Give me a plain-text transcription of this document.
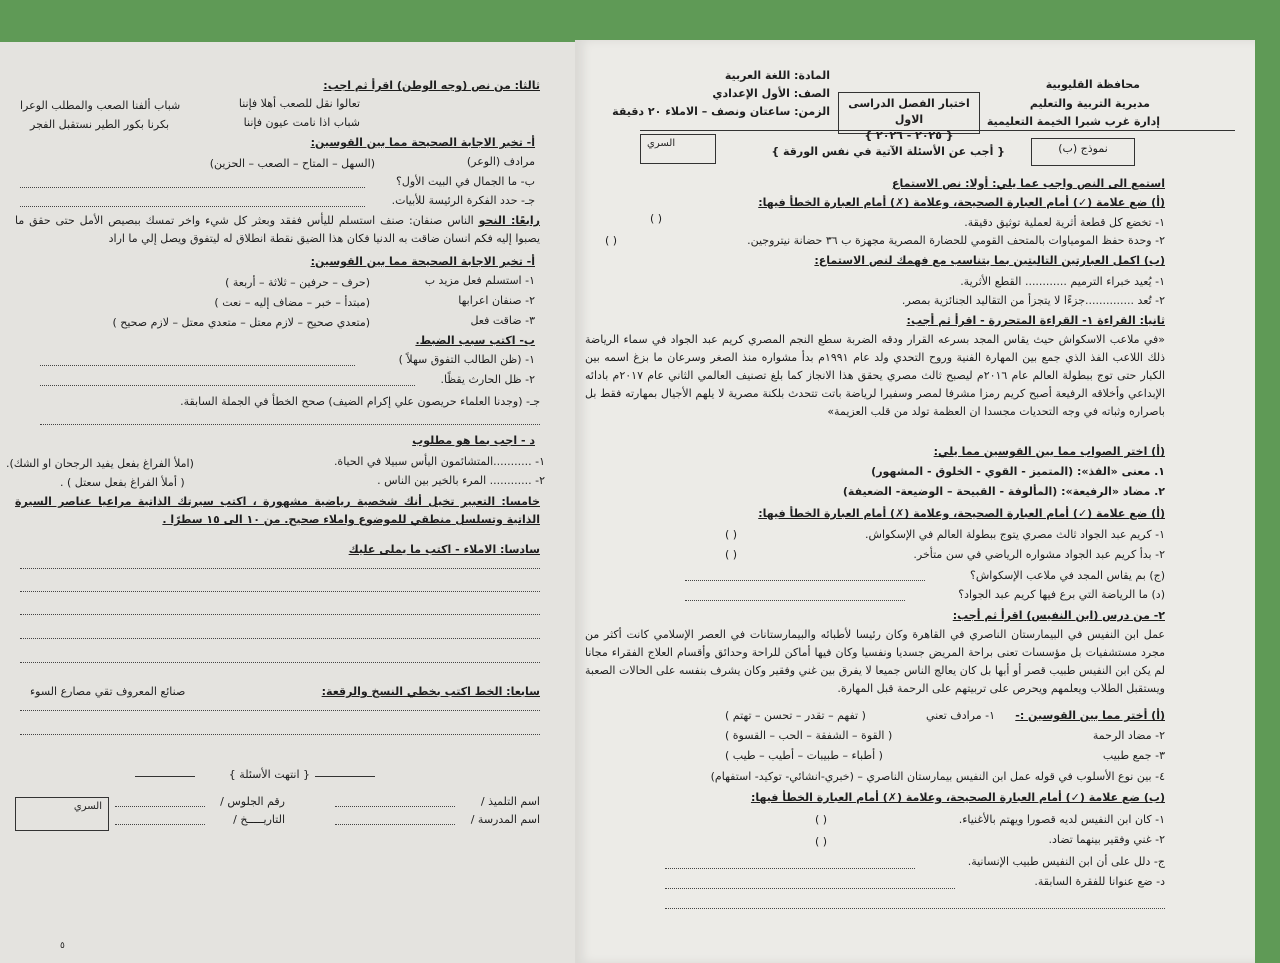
ثالثا: من نص (وجه الوطن) اقرأ ثم اجب:
تعالوا نقل للصعب أهلا فإننا
شباب ألفنا الصعب والمطلب الوعرا
شباب اذا نامت عيون فإننا
بكرنا بكور الطير نستقبل الفجر
أ- تخير الاجابة الصحيحة مما بين القوسين:
مرادف (الوعر)
(السهل – المتاح – الصعب – الحزين)
ب- ما الجمال في البيت الأول؟
جـ- حدد الفكرة الرئيسة للأبيات.
رابعًا: النحو الناس صنفان: صنف استسلم لليأس ففقد وبعثر كل شيء واخر تمسك ببصيص الأمل حتى حقق ما يصبوا إليه فكم انسان ضاقت به الدنيا فكان هذا الضيق نقطة انطلاق له ليتفوق ويصل إلي ما اراد
أ- تخير الاجابة الصحيحة مما بين القوسين:
١- استسلم فعل مزيد ب
(حرف – حرفين – ثلاثة – أربعة )
٢- صنفان اعرابها
(مبتدأ – خبر – مضاف إليه – نعت )
٣- ضاقت فعل
(متعدي صحيح – لازم معتل – متعدي معتل – لازم صحيح )
ب- اكتب سبب الضبط.
١- (ظن الطالب التفوق سهلاً )
٢- ظل الحارث يقظًا.
جـ- (وجدنا العلماء حريصون علي إكرام الضيف) صحح الخطأ في الجملة السابقة.
د - اجب بما هو مطلوب
١- ...........المتشائمون اليأس سبيلا في الحياة.
(املأ الفراغ بفعل يفيد الرجحان او الشك).
٢- ............ المرء بالخير بين الناس .
( أملأ الفراغ بفعل سعتل ) .
خامسا: التعبير تخيل أنك شخصية رياضية مشهورة ، اكتب سيرتك الذاتية مراعيا عناصر السيرة الذاتية وتسلسل منطقي للموضوع واملاء صحيح. من ١٠ الى ١٥ سطرًا .
سادسا: الاملاء - اكتب ما يملى عليك
سابعا: الخط اكتب بخطي النسخ والرقعة:
صنائع المعروف تقي مصارع السوء
{ انتهت الأسئلة }
اسم التلميذ /
اسم المدرسة /
رقم الجلوس /
التاريـــــخ /
السري
٥
محافظة القليوبية
مديرية التربية والتعليم
إدارة غرب شبرا الخيمة التعليمية
اختبار الفصل الدراسى الاول
{ ٢٠٢٥ - ٢٠٢٦ }
المادة: اللغة العربية
الصف: الأول الإعدادي
الزمن: ساعتان ونصف – الاملاء ٢٠ دقيقة
نموذج (ب)
{ أجب عن الأسئلة الآتية في نفس الورقة }
السري
استمع الى النص واجب عما يلي: أولا: نص الاستماع
(أ) ضع علامة (✓) أمام العبارة الصحيحة، وعلامة (✗) أمام العبارة الخطأ فيها:
١- تخضع كل قطعة أثرية لعملية توثيق دقيقة.
( )
٢- وحدة حفظ المومياوات بالمتحف القومي للحضارة المصرية مجهزة ب ٣٦ حضانة نيتروجين.
( )
(ب) اكمل العبارتين التاليتين بما يتناسب مع فهمك لنص الاستماع:
١- يُعيد خبراء الترميم ............ القطع الأثرية.
٢- تُعد ..............جزءًا لا يتجزأ من التقاليد الجنائزية بمصر.
ثانيا: القراءة ١- القراءة المتحررة - اقرأ ثم أجب:
«في ملاعب الاسكواش حيث يقاس المجد بسرعه القرار ودقه الضربة سطع النجم المصري كريم عبد الجواد في سماء الرياضة ذلك اللاعب الفذ الذي جمع بين المهارة الفنية وروح التحدي ولد عام ١٩٩١م بدأ مشواره منذ الصغر وسرعان ما بزغ اسمه بين الكبار حتى توج ببطولة العالم عام ٢٠١٦م ليصبح ثالث مصري يحقق هذا الانجاز كما بلغ تصنيف العالمي الثاني عام ٢٠١٧م بادائه الإبداعي وأخلاقه الرفيعة أصبح كريم رمزا مشرفا لمصر وسفيرا لرياضة باتت تتحدث بلكنة مصرية لا يلهم الأجيال بمهارته فقط بل باصراره وثباته في وجه التحديات مجسدا ان العظمة تولد من قلب العزيمة»
(أ) اختر الصواب مما بين القوسين مما يلي:
١. معنى «الفذ»: (المتميز - القوي - الخلوق - المشهور)
٢. مضاد «الرفيعة»: (المألوفة - القبيحة – الوضيعة- الضعيفة)
(أ) ضع علامة (✓) أمام العبارة الصحيحة، وعلامة (✗) أمام العبارة الخطأ فيها:
١- كريم عبد الجواد ثالث مصري يتوج ببطولة العالم في الإسكواش.
( )
٢- بدأ كريم عبد الجواد مشواره الرياضي في سن متأخر.
( )
(ج) بم يقاس المجد في ملاعب الإسكواش؟
(د) ما الرياضة التي برع فيها كريم عبد الجواد؟
٢- من درس (ابن النفيس) اقرأ ثم أجب:
عمل ابن النفيس في البيمارستان الناصري في القاهرة وكان رئيسا لأطبائه والبيمارستانات في العصر الإسلامي كانت أكثر من مجرد مستشفيات بل مؤسسات تعنى براحة المريض جسديا ونفسيا وكان فيها أماكن للراحة وحدائق وأقسام العلاج الفقراء مجانا لم يكن ابن النفيس طبيب قصر أو أبها بل كان يعالج الناس جميعا لا يفرق بين غني وفقير وكان يشرف بنفسه على الحالات الصعبة ويستقبل الطلاب ويعلمهم ويحرص على تربيتهم على الرحمة قبل المهارة.
(أ) أختر مما بين القوسين :-
١- مرادف تعني
( تفهم – تقدر – تحسن – تهتم )
٢- مضاد الرحمة
( القوة – الشفقة – الحب – القسوة )
٣- جمع طبيب
( أطباء – طبيبات – أطيب – طيب )
٤- بين نوع الأسلوب في قوله عمل ابن النفيس بيمارستان الناصري – (خبري-انشائي- توكيد- استفهام)
(ب) ضع علامة (✓) أمام العبارة الصحيحة، وعلامة (✗) أمام العبارة الخطأ فيها:
١- كان ابن النفيس لديه قصورا ويهتم بالأغنياء.
( )
٢- غني وفقير بينهما تضاد.
( )
ج- دلل على أن ابن النفيس طبيب الإنسانية.
د- ضع عنوانا للفقرة السابقة.
